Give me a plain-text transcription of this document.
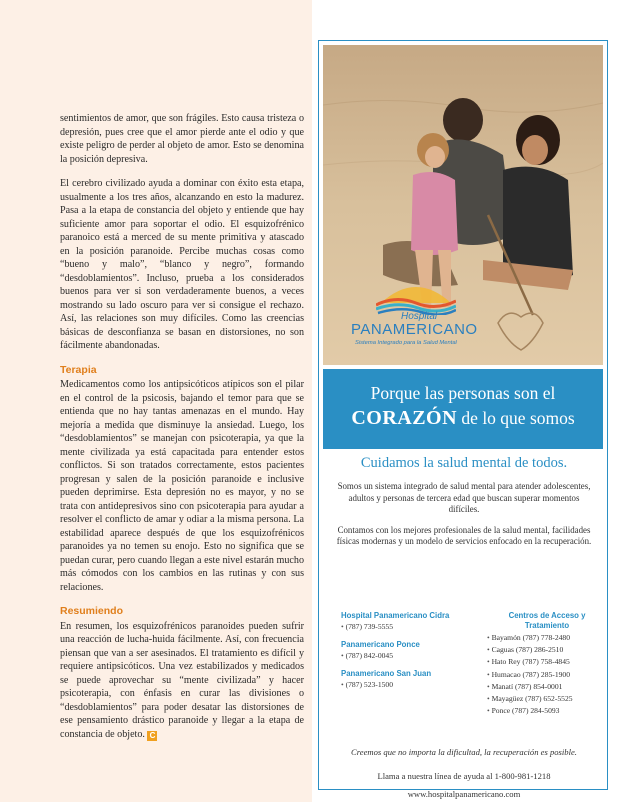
sentimientos de amor, que son frágiles. Esto causa tristeza o depresión, pues cree que el amor pierde ante el odio y que existe peligro de perder al objeto de amor. Esto se denomina la posición depresiva.

El cerebro civilizado ayuda a dominar con éxito esta etapa, usualmente a los tres años, alcanzando en esto la madurez. Pasa a la etapa de constancia del objeto y entiende que hay suficiente amor para soportar el odio. El esquizofrénico paranoico está a merced de su mente primitiva y atascado en la posición paranoide. Percibe muchas cosas como “bueno y malo”, “blanco y negro”, formando “desdoblamientos”. Incluso, prueba a los considerados buenos para ver si son verdaderamente buenos, a veces mostrando su lado oscuro para ver si consigue el rechazo. Así, las relaciones son muy difíciles. Como las creencias básicas de desconfianza se basan en distorsiones, no son fácilmente abandonadas.

Terapia

Medicamentos como los antipsicóticos atípicos son el pilar en el control de la psicosis, bajando el temor para que se entienda que no hay tantas amenazas en el mundo. Hay mejoría a medida que disminuye la ansiedad. Luego, los “desdoblamientos” se manejan con psicoterapia, ya que la mente civilizada ya está capacitada para entender estos conflictos. Si son tratados correctamente, estos pacientes progresan y salen de la posición paranoide e inclusive pueden deprimirse. Esta depresión no es mayor, y no se trata con antidepresivos sino con psicoterapia para ayudar a resolver el conflicto de amar y odiar a la misma persona. La estabilidad aparece después de que los esquizofrénicos paranoides ya no temen su enojo. Esto no significa que se puedan curar, pero cuando llegan a este nivel estarán mucho más cómodos con los cambios en las rutinas y con sus relaciones.

Resumiendo

En resumen, los esquizofrénicos paranoides pueden sufrir una reacción de lucha-huida fácilmente. Así, con frecuencia piensan que van a ser asesinados. El tratamiento es difícil y requiere antipsicóticos. Una vez estabilizados y medicados se puede aprovechar su “mente civilizada” y hacer psicoterapia, con énfasis en curar las divisiones o “desdoblamientos” para poder desatar las distorsiones de ese pensamiento drástico paranoide y llegar a la etapa de constancia de objeto. C

Hospital
PANAMERICANO
Sistema Integrado para la Salud Mental
Porque las personas son el
CORAZÓN de lo que somos
Cuidamos la salud mental de todos.

Somos un sistema integrado de salud mental para atender adolescentes, adultos y personas de tercera edad que buscan superar momentos difíciles.

Contamos con los mejores profesionales de la salud mental, facilidades físicas modernas y un modelo de servicios enfocado en la recuperación.

Hospital Panamericano Cidra
• (787) 739-5555
Panamericano Ponce
• (787) 842-0045
Panamericano San Juan
• (787) 523-1500
Centros de Acceso y Tratamiento
• Bayamón (787) 778-2480
• Caguas (787) 286-2510
• Hato Rey (787) 758-4845
• Humacao (787) 285-1900
• Manatí (787) 854-0001
• Mayagüez (787) 652-5525
• Ponce (787) 284-5093
Creemos que no importa la dificultad, la recuperación es posible.
Llama a nuestra línea de ayuda al 1-800-981-1218
www.hospitalpanamericano.com
